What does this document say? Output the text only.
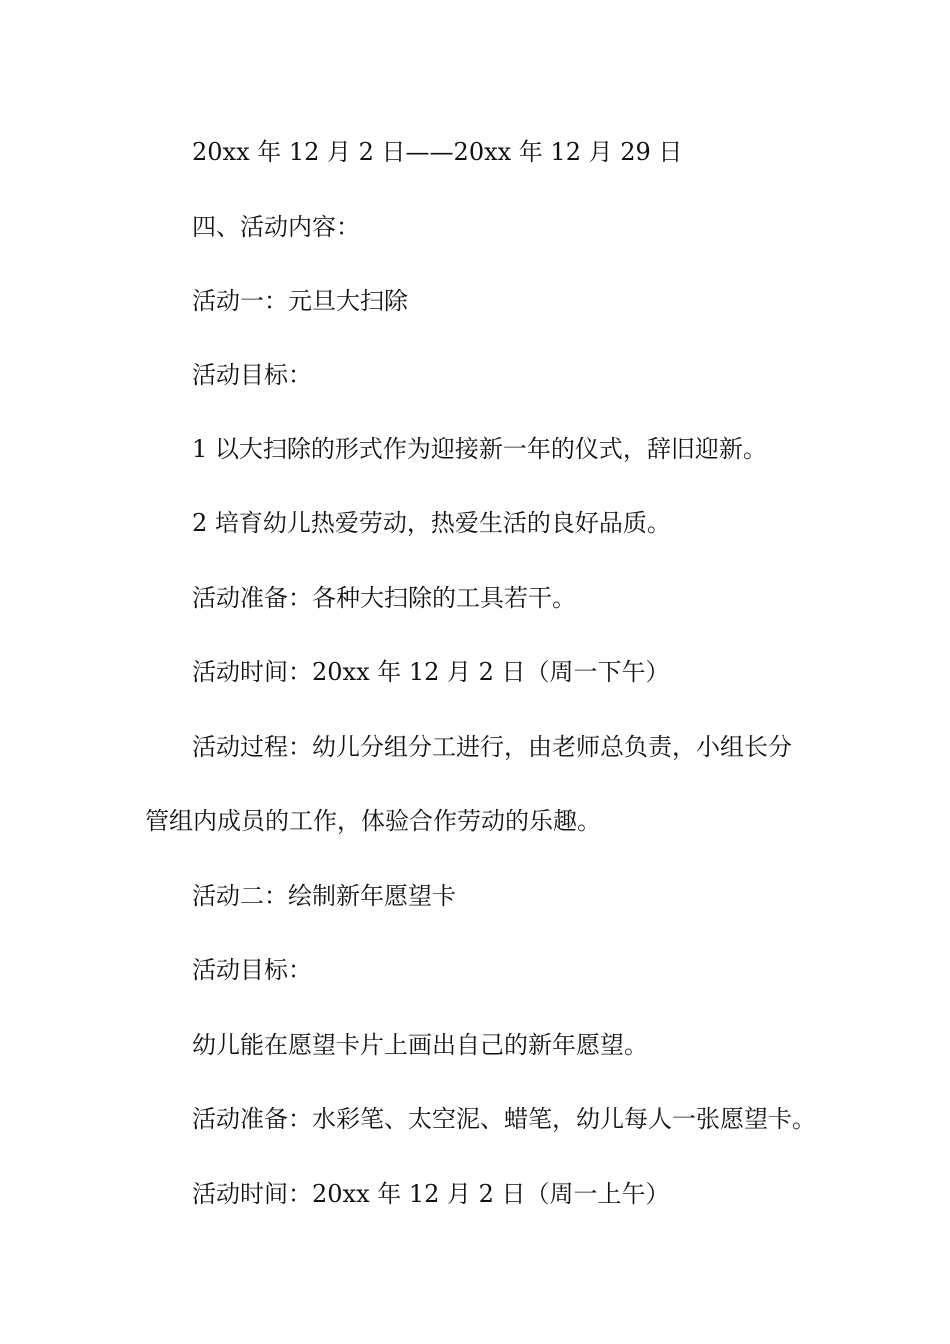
20xx 年 12 月 2 日——20xx 年 12 月 29 日
四、活动内容：
活动一：元旦大扫除
活动目标：
1 以大扫除的形式作为迎接新一年的仪式，辞旧迎新。
2 培育幼儿热爱劳动，热爱生活的良好品质。
活动准备：各种大扫除的工具若干。
活动时间：20xx 年 12 月 2 日（周一下午）
活动过程：幼儿分组分工进行，由老师总负责，小组长分
管组内成员的工作，体验合作劳动的乐趣。
活动二：绘制新年愿望卡
活动目标：
幼儿能在愿望卡片上画出自己的新年愿望。
活动准备：水彩笔、太空泥、蜡笔，幼儿每人一张愿望卡。
活动时间：20xx 年 12 月 2 日（周一上午）
